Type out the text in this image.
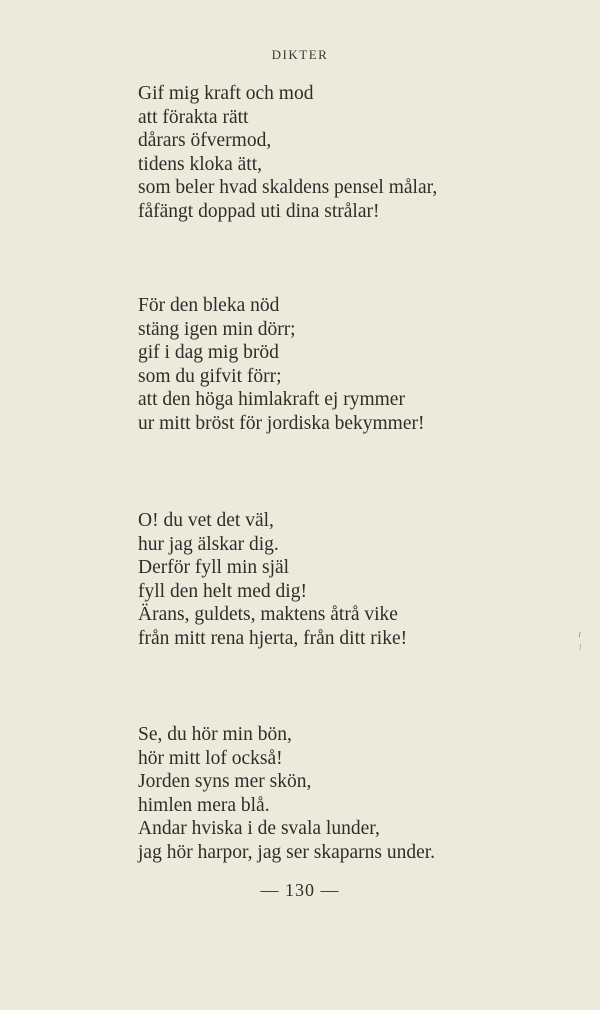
DIKTER
Gif mig kraft och mod
att förakta rätt
dårars öfvermod,
tidens kloka ätt,
som beler hvad skaldens pensel målar,
fåfängt doppad uti dina strålar!
För den bleka nöd
stäng igen min dörr;
gif i dag mig bröd
som du gifvit förr;
att den höga himlakraft ej rymmer
ur mitt bröst för jordiska bekymmer!
O! du vet det väl,
hur jag älskar dig.
Derför fyll min själ
fyll den helt med dig!
Ärans, guldets, maktens åtrå vike
från mitt rena hjerta, från ditt rike!
Se, du hör min bön,
hör mitt lof också!
Jorden syns mer skön,
himlen mera blå.
Andar hviska i de svala lunder,
jag hör harpor, jag ser skaparns under.
— 130 —
